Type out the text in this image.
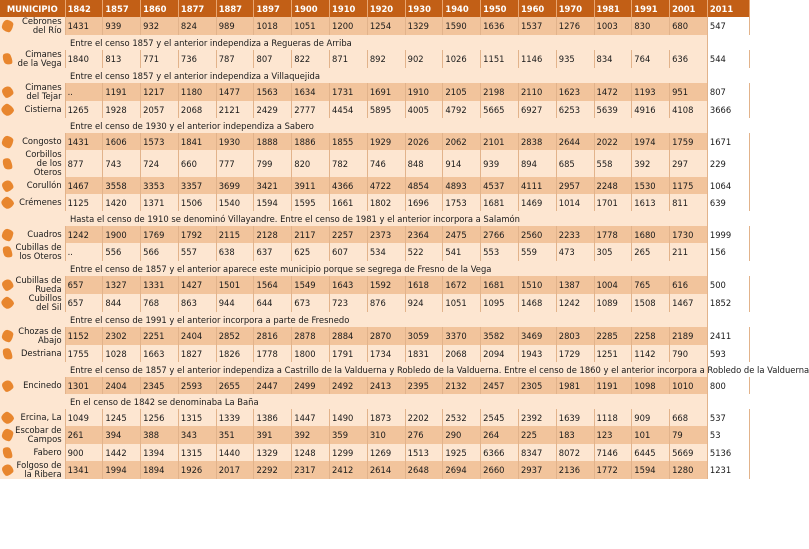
MUNICIPIO	1842	1857	1860	1877	1887	1897	1900	1910	1920	1930	1940	1950	1960	1970	1981	1991	2001	2011

Cebrones del Río	1431	939	932	824	989	1018	1051	1200	1254	1329	1590	1636	1537	1276	1003	830	680	547
Entre el censo 1857 y el anterior independiza a Regueras de Arriba																		

Cimanes de la Vega	1840	813	771	736	787	807	822	871	892	902	1026	1151	1146	935	834	764	636	544
Entre el censo 1857 y el anterior independiza a Villaquejida																		

Cimanes del Tejar	..	1191	1217	1180	1477	1563	1634	1731	1691	1910	2105	2198	2110	1623	1472	1193	951	807

Cistierna	1265	1928	2057	2068	2121	2429	2777	4454	5895	4005	4792	5665	6927	6253	5639	4916	4108	3666
Entre el censo de 1930 y el anterior independiza a Sabero																		

Congosto	1431	1606	1573	1841	1930	1888	1886	1855	1929	2026	2062	2101	2838	2644	2022	1974	1759	1671

Corbillos de los Oteros	877	743	724	660	777	799	820	782	746	848	914	939	894	685	558	392	297	229

Corullón	1467	3558	3353	3357	3699	3421	3911	4366	4722	4854	4893	4537	4111	2957	2248	1530	1175	1064

Crémenes	1125	1420	1371	1506	1540	1594	1595	1661	1802	1696	1753	1681	1469	1014	1701	1613	811	639
Hasta el censo de 1910 se denominó Villayandre. Entre el censo de 1981 y el anterior incorpora a Salamón																		

Cuadros	1242	1900	1769	1792	2115	2128	2117	2257	2373	2364	2475	2766	2560	2233	1778	1680	1730	1999

Cubillas de los Oteros	..	556	566	557	638	637	625	607	534	522	541	553	559	473	305	265	211	156
Entre el censo de 1857 y el anterior aparece este municipio porque se segrega de Fresno de la Vega																		

Cubillas de Rueda	657	1327	1331	1427	1501	1564	1549	1643	1592	1618	1672	1681	1510	1387	1004	765	616	500

Cubillos del Sil	657	844	768	863	944	644	673	723	876	924	1051	1095	1468	1242	1089	1508	1467	1852
Entre el censo de 1991 y el anterior incorpora a parte de Fresnedo																		

Chozas de Abajo	1152	2302	2251	2404	2852	2816	2878	2884	2870	3059	3370	3582	3469	2803	2285	2258	2189	2411

Destriana	1755	1028	1663	1827	1826	1778	1800	1791	1734	1831	2068	2094	1943	1729	1251	1142	790	593
Entre el censo de 1857 y el anterior independiza a Castrillo de la Valduerna y Robledo de la Valduerna. Entre el censo de 1860 y el anterior incorpora a Robledo de la Valduerna																		

Encinedo	1301	2404	2345	2593	2655	2447	2499	2492	2413	2395	2132	2457	2305	1981	1191	1098	1010	800
En el censo de 1842 se denominaba La Baña																		

Ercina, La	1049	1245	1256	1315	1339	1386	1447	1490	1873	2202	2532	2545	2392	1639	1118	909	668	537

Escobar de Campos	261	394	388	343	351	391	392	359	310	276	290	264	225	183	123	101	79	53

Fabero	900	1442	1394	1315	1440	1329	1248	1299	1269	1513	1925	6366	8347	8072	7146	6445	5669	5136

Folgoso de la Ribera	1341	1994	1894	1926	2017	2292	2317	2412	2614	2648	2694	2660	2937	2136	1772	1594	1280	1231
